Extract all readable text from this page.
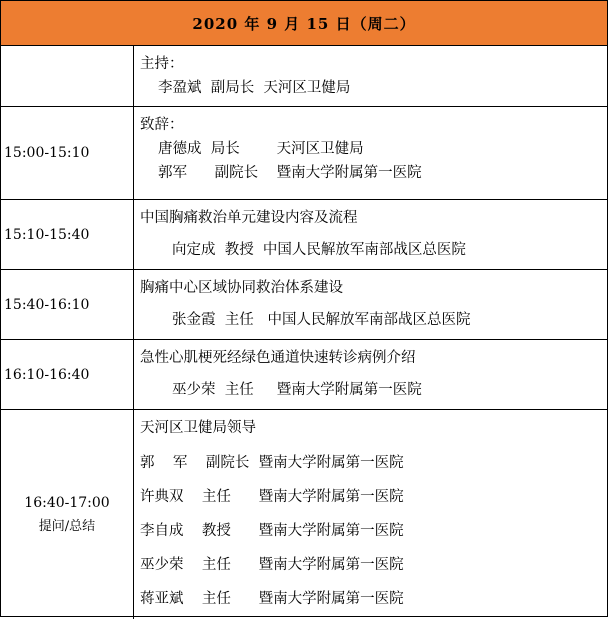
2020 年 9 月 15 日（周二）
主持：
李盈斌  副局长  天河区卫健局
15:00-15:10
致辞：
唐德成  局长        天河区卫健局
郭军      副院长    暨南大学附属第一医院
15:10-15:40
中国胸痛救治单元建设内容及流程
向定成  教授  中国人民解放军南部战区总医院
15:40-16:10
胸痛中心区域协同救治体系建设
张金霞  主任   中国人民解放军南部战区总医院
16:10-16:40
急性心肌梗死经绿色通道快速转诊病例介绍
巫少荣  主任     暨南大学附属第一医院
16:40-17:00
提问/总结
天河区卫健局领导
郭    军    副院长  暨南大学附属第一医院
许典双    主任      暨南大学附属第一医院
李自成    教授      暨南大学附属第一医院
巫少荣    主任      暨南大学附属第一医院
蒋亚斌    主任      暨南大学附属第一医院
